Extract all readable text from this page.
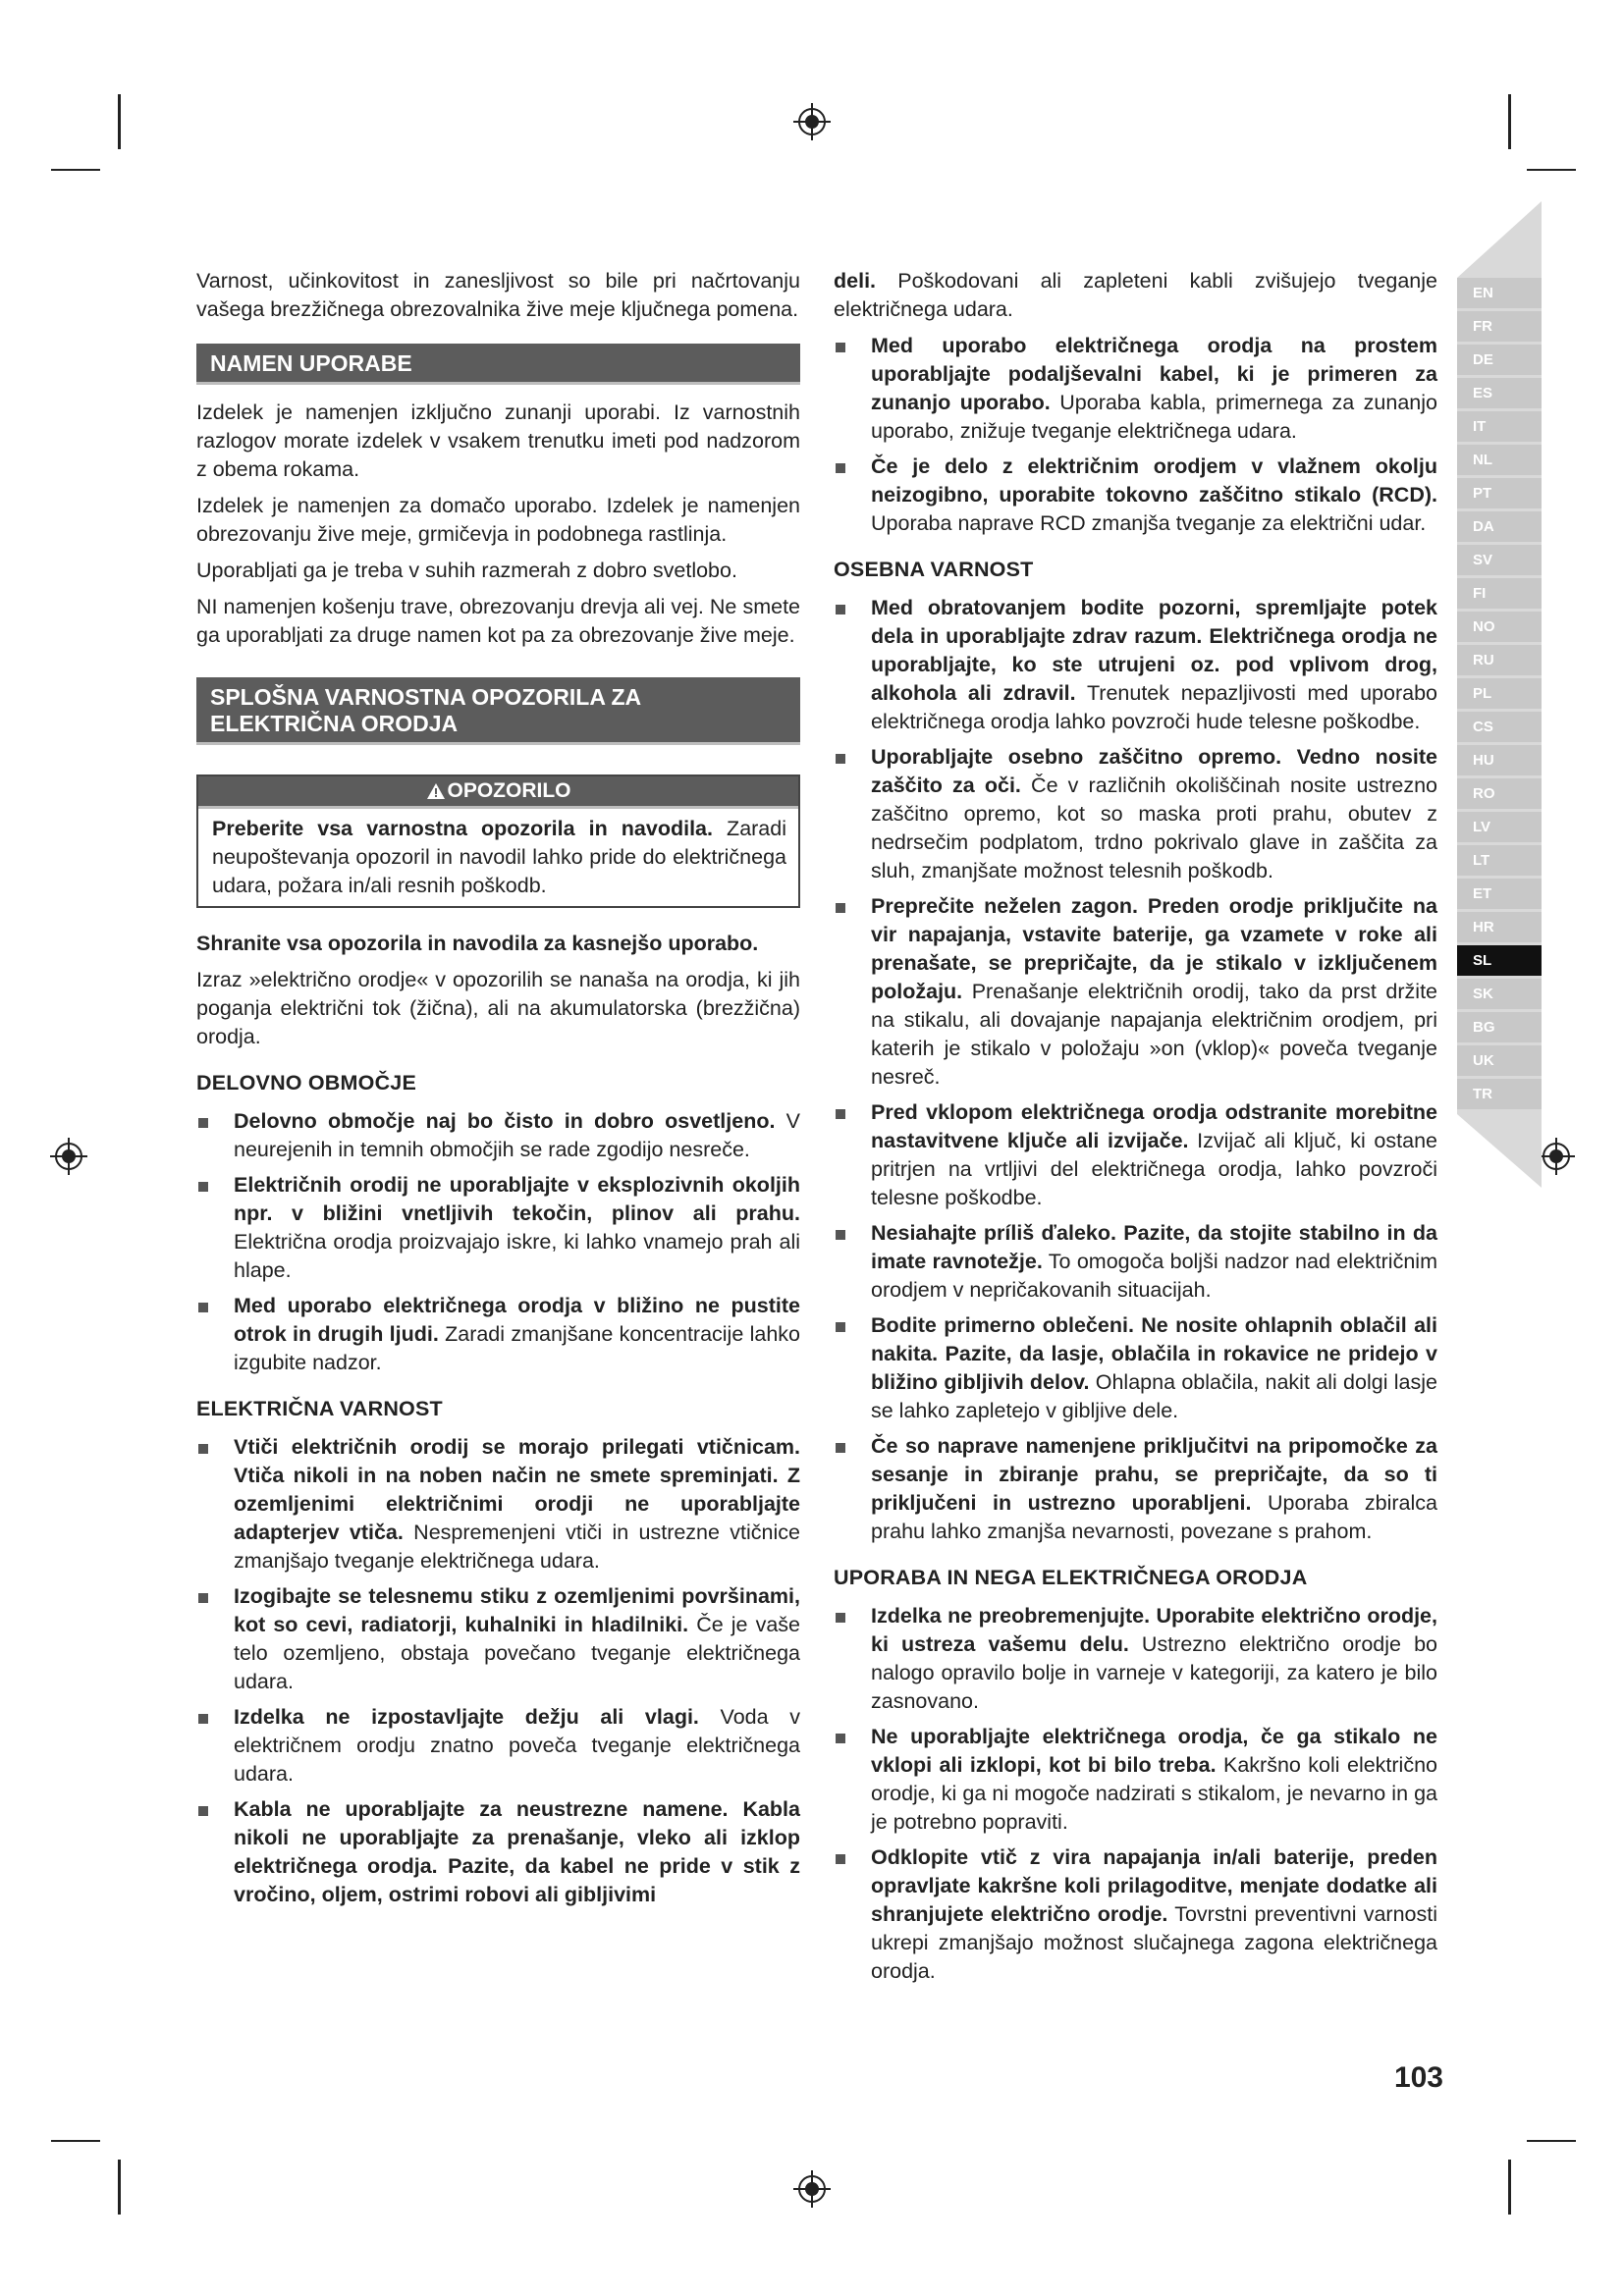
EN
FR
DE
ES
IT
NL
PT
DA
SV
FI
NO
RU
PL
CS
HU
RO
LV
LT
ET
HR
SL
SK
BG
UK
TR

Varnost, učinkovitost in zanesljivost so bile pri načrtovanju vašega brezžičnega obrezovalnika žive meje ključnega pomena.

NAMEN UPORABE

Izdelek je namenjen izključno zunanji uporabi. Iz varnostnih razlogov morate izdelek v vsakem trenutku imeti pod nadzorom z obema rokama.

Izdelek je namenjen za domačo uporabo. Izdelek je namenjen obrezovanju žive meje, grmičevja in podobnega rastlinja.

Uporabljati ga je treba v suhih razmerah z dobro svetlobo.

NI namenjen košenju trave, obrezovanju drevja ali vej. Ne smete ga uporabljati za druge namen kot pa za obrezovanje žive meje.

SPLOŠNA VARNOSTNA OPOZORILA ZA ELEKTRIČNA ORODJA
OPOZORILO
Preberite vsa varnostna opozorila in navodila. Zaradi neupoštevanja opozoril in navodil lahko pride do električnega udara, požara in/ali resnih poškodb.

Shranite vsa opozorila in navodila za kasnejšo uporabo.

Izraz »električno orodje« v opozorilih se nanaša na orodja, ki jih poganja električni tok (žična), ali na akumulatorska (brezžična) orodja.

DELOVNO OBMOČJE
Delovno območje naj bo čisto in dobro osvetljeno. V neurejenih in temnih območjih se rade zgodijo nesreče.
Električnih orodij ne uporabljajte v eksplozivnih okoljih npr. v bližini vnetljivih tekočin, plinov ali prahu. Električna orodja proizvajajo iskre, ki lahko vnamejo prah ali hlape.
Med uporabo električnega orodja v bližino ne pustite otrok in drugih ljudi. Zaradi zmanjšane koncentracije lahko izgubite nadzor.
ELEKTRIČNA VARNOST
Vtiči električnih orodij se morajo prilegati vtičnicam. Vtiča nikoli in na noben način ne smete spreminjati. Z ozemljenimi električnimi orodji ne uporabljajte adapterjev vtiča. Nespremenjeni vtiči in ustrezne vtičnice zmanjšajo tveganje električnega udara.
Izogibajte se telesnemu stiku z ozemljenimi površinami, kot so cevi, radiatorji, kuhalniki in hladilniki. Če je vaše telo ozemljeno, obstaja povečano tveganje električnega udara.
Izdelka ne izpostavljajte dežju ali vlagi. Voda v električnem orodju znatno poveča tveganje električnega udara.
Kabla ne uporabljajte za neustrezne namene. Kabla nikoli ne uporabljajte za prenašanje, vleko ali izklop električnega orodja. Pazite, da kabel ne pride v stik z vročino, oljem, ostrimi robovi ali gibljivimi

deli. Poškodovani ali zapleteni kabli zvišujejo tveganje električnega udara.

Med uporabo električnega orodja na prostem uporabljajte podaljševalni kabel, ki je primeren za zunanjo uporabo. Uporaba kabla, primernega za zunanjo uporabo, znižuje tveganje električnega udara.
Če je delo z električnim orodjem v vlažnem okolju neizogibno, uporabite tokovno zaščitno stikalo (RCD). Uporaba naprave RCD zmanjša tveganje za električni udar.
OSEBNA VARNOST
Med obratovanjem bodite pozorni, spremljajte potek dela in uporabljajte zdrav razum. Električnega orodja ne uporabljajte, ko ste utrujeni oz. pod vplivom drog, alkohola ali zdravil. Trenutek nepazljivosti med uporabo električnega orodja lahko povzroči hude telesne poškodbe.
Uporabljajte osebno zaščitno opremo. Vedno nosite zaščito za oči. Če v različnih okoliščinah nosite ustrezno zaščitno opremo, kot so maska proti prahu, obutev z nedrsečim podplatom, trdno pokrivalo glave in zaščita za sluh, zmanjšate možnost telesnih poškodb.
Preprečite neželen zagon. Preden orodje priključite na vir napajanja, vstavite baterije, ga vzamete v roke ali prenašate, se prepričajte, da je stikalo v izključenem položaju. Prenašanje električnih orodij, tako da prst držite na stikalu, ali dovajanje napajanja električnim orodjem, pri katerih je stikalo v položaju »on (vklop)« poveča tveganje nesreč.
Pred vklopom električnega orodja odstranite morebitne nastavitvene ključe ali izvijače. Izvijač ali ključ, ki ostane pritrjen na vrtljivi del električnega orodja, lahko povzroči telesne poškodbe.
Nesiahajte príliš ďaleko. Pazite, da stojite stabilno in da imate ravnotežje. To omogoča boljši nadzor nad električnim orodjem v nepričakovanih situacijah.
Bodite primerno oblečeni. Ne nosite ohlapnih oblačil ali nakita. Pazite, da lasje, oblačila in rokavice ne pridejo v bližino gibljivih delov. Ohlapna oblačila, nakit ali dolgi lasje se lahko zapletejo v gibljive dele.
Če so naprave namenjene priključitvi na pripomočke za sesanje in zbiranje prahu, se prepričajte, da so ti priključeni in ustrezno uporabljeni. Uporaba zbiralca prahu lahko zmanjša nevarnosti, povezane s prahom.
UPORABA IN NEGA ELEKTRIČNEGA ORODJA
Izdelka ne preobremenjujte. Uporabite električno orodje, ki ustreza vašemu delu. Ustrezno električno orodje bo nalogo opravilo bolje in varneje v kategoriji, za katero je bilo zasnovano.
Ne uporabljajte električnega orodja, če ga stikalo ne vklopi ali izklopi, kot bi bilo treba. Kakršno koli električno orodje, ki ga ni mogoče nadzirati s stikalom, je nevarno in ga je potrebno popraviti.
Odklopite vtič z vira napajanja in/ali baterije, preden opravljate kakršne koli prilagoditve, menjate dodatke ali shranjujete električno orodje. Tovrstni preventivni varnosti ukrepi zmanjšajo možnost slučajnega zagona električnega orodja.
103
